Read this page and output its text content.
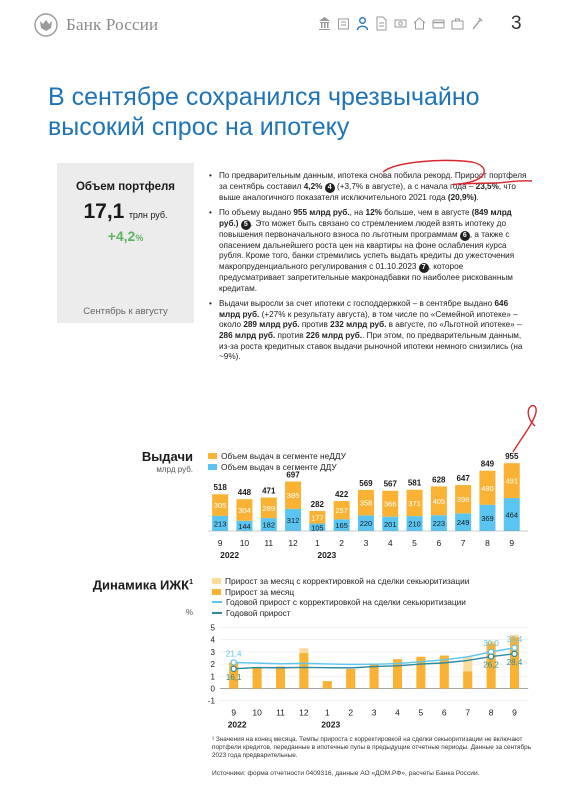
Банк России	3
В сентябре сохранился чрезвычайно высокий спрос на ипотеку
Объем портфеля
17,1 трлн руб.
+4,2%
Сентябрь к августу
• По предварительным данным, ипотека снова побила рекорд. Прирост портфеля за сентябрь составил 4,2% 4 (+3,7% в августе), а с начала года – 23,5%, что выше аналогичного показателя исключительного 2021 года (20,9%).
• По объему выдано 955 млрд руб., на 12% больше, чем в августе (849 млрд руб.) 5 . Это может быть связано со стремлением людей взять ипотеку до повышения первоначального взноса по льготным программам 6 , а также с опасением дальнейшего роста цен на квартиры на фоне ослабления курса рубля. Кроме того, банки стремились успеть выдать кредиты до ужесточения макропруденциального регулирования с 01.10.2023 7 , которое предусматривает запретительные макронадбавки по наиболее рискованным кредитам.
• Выдачи выросли за счет ипотеки с господдержкой – в сентябре выдано 646 млрд руб. (+27% к результату августа), в том числе по «Семейной ипотеке» – около 289 млрд руб. против 232 млрд руб. в августе, по «Льготной ипотеке» – 286 млрд руб. против 226 млрд руб.. При этом, по предварительным данным, из-за роста кредитных ставок выдачи рыночной ипотеки немного снизились (на ~9%).
Выдачи
млрд руб.
Объем выдач в сегменте неДДУ
Объем выдач в сегменте ДДУ
213
305
518
9
144
304
448
10
182
289
471
11
312
385
697
12
105
177
282
1
165
257
422
2
220
358
569
3
201
366
567
4
210
371
581
5
223
405
628
6
249
398
647
7
369
480
849
8
464
491
955
9
2022	2023
Динамика ИЖК$^1$
%
Прирост за месяц с корректировкой на сделки секьюритизации
Прирост за месяц
Годовой прирост с корректировкой на сделки секьюритизации
Годовой прирост
-1
0
1
2
3
4
5
9 10 11 12 1 2 3 4 5 6 7 8 9
21,4
16,1
30,0
26,2
33,4
28,4
2022	2023
¹ Значения на конец месяца. Темпы прироста с корректировкой на сделки секьюритизации не включают портфели кредитов, переданные в ипотечные пулы в предыдущие отчетные периоды. Данные за сентябрь 2023 года предварительные.
Источники: форма отчетности 0409316, данные АО «ДОМ.РФ», расчеты Банка России.
